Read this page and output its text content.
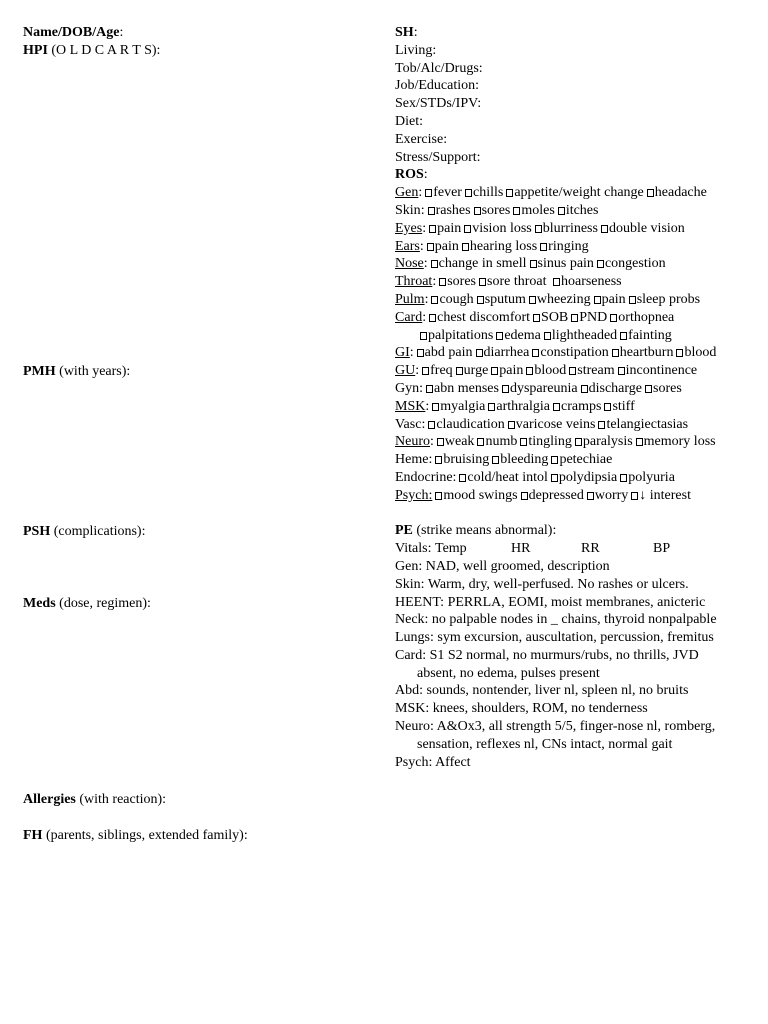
Name/DOB/Age:
HPI (O L D C A R T S):
PMH (with years):
PSH (complications):
Meds (dose, regimen):
Allergies (with reaction):
FH (parents, siblings, extended family):
SH:
Living:
Tob/Alc/Drugs:
Job/Education:
Sex/STDs/IPV:
Diet:
Exercise:
Stress/Support:
ROS:
Gen: fever chills appetite/weight change headache
Skin: rashes sores moles itches
Eyes: pain vision loss blurriness double vision
Ears: pain hearing loss ringing
Nose: change in smell sinus pain congestion
Throat: sores sore throat hoarseness
Pulm: cough sputum wheezing pain sleep probs
Card: chest discomfort SOB PND orthopnea
palpitations edema lightheaded fainting
GI: abd pain diarrhea constipation heartburn blood
GU: freq urge pain blood stream incontinence
Gyn: abn menses dyspareunia discharge sores
MSK: myalgia arthralgia cramps stiff
Vasc: claudication varicose veins telangiectasias
Neuro: weak numb tingling paralysis memory loss
Heme: bruising bleeding petechiae
Endocrine: cold/heat intol polydipsia polyuria
Psych: mood swings depressed worry ↓ interest
PE (strike means abnormal):
Vitals: Temp	HR	RR	BP
Gen: NAD, well groomed, description
Skin: Warm, dry, well-perfused. No rashes or ulcers.
HEENT: PERRLA, EOMI, moist membranes, anicteric
Neck: no palpable nodes in _ chains, thyroid nonpalpable
Lungs: sym excursion, auscultation, percussion, fremitus
Card: S1 S2 normal, no murmurs/rubs, no thrills, JVD
absent, no edema, pulses present
Abd: sounds, nontender, liver nl, spleen nl, no bruits
MSK: knees, shoulders, ROM, no tenderness
Neuro: A&Ox3, all strength 5/5, finger-nose nl, romberg,
sensation, reflexes nl, CNs intact, normal gait
Psych: Affect
